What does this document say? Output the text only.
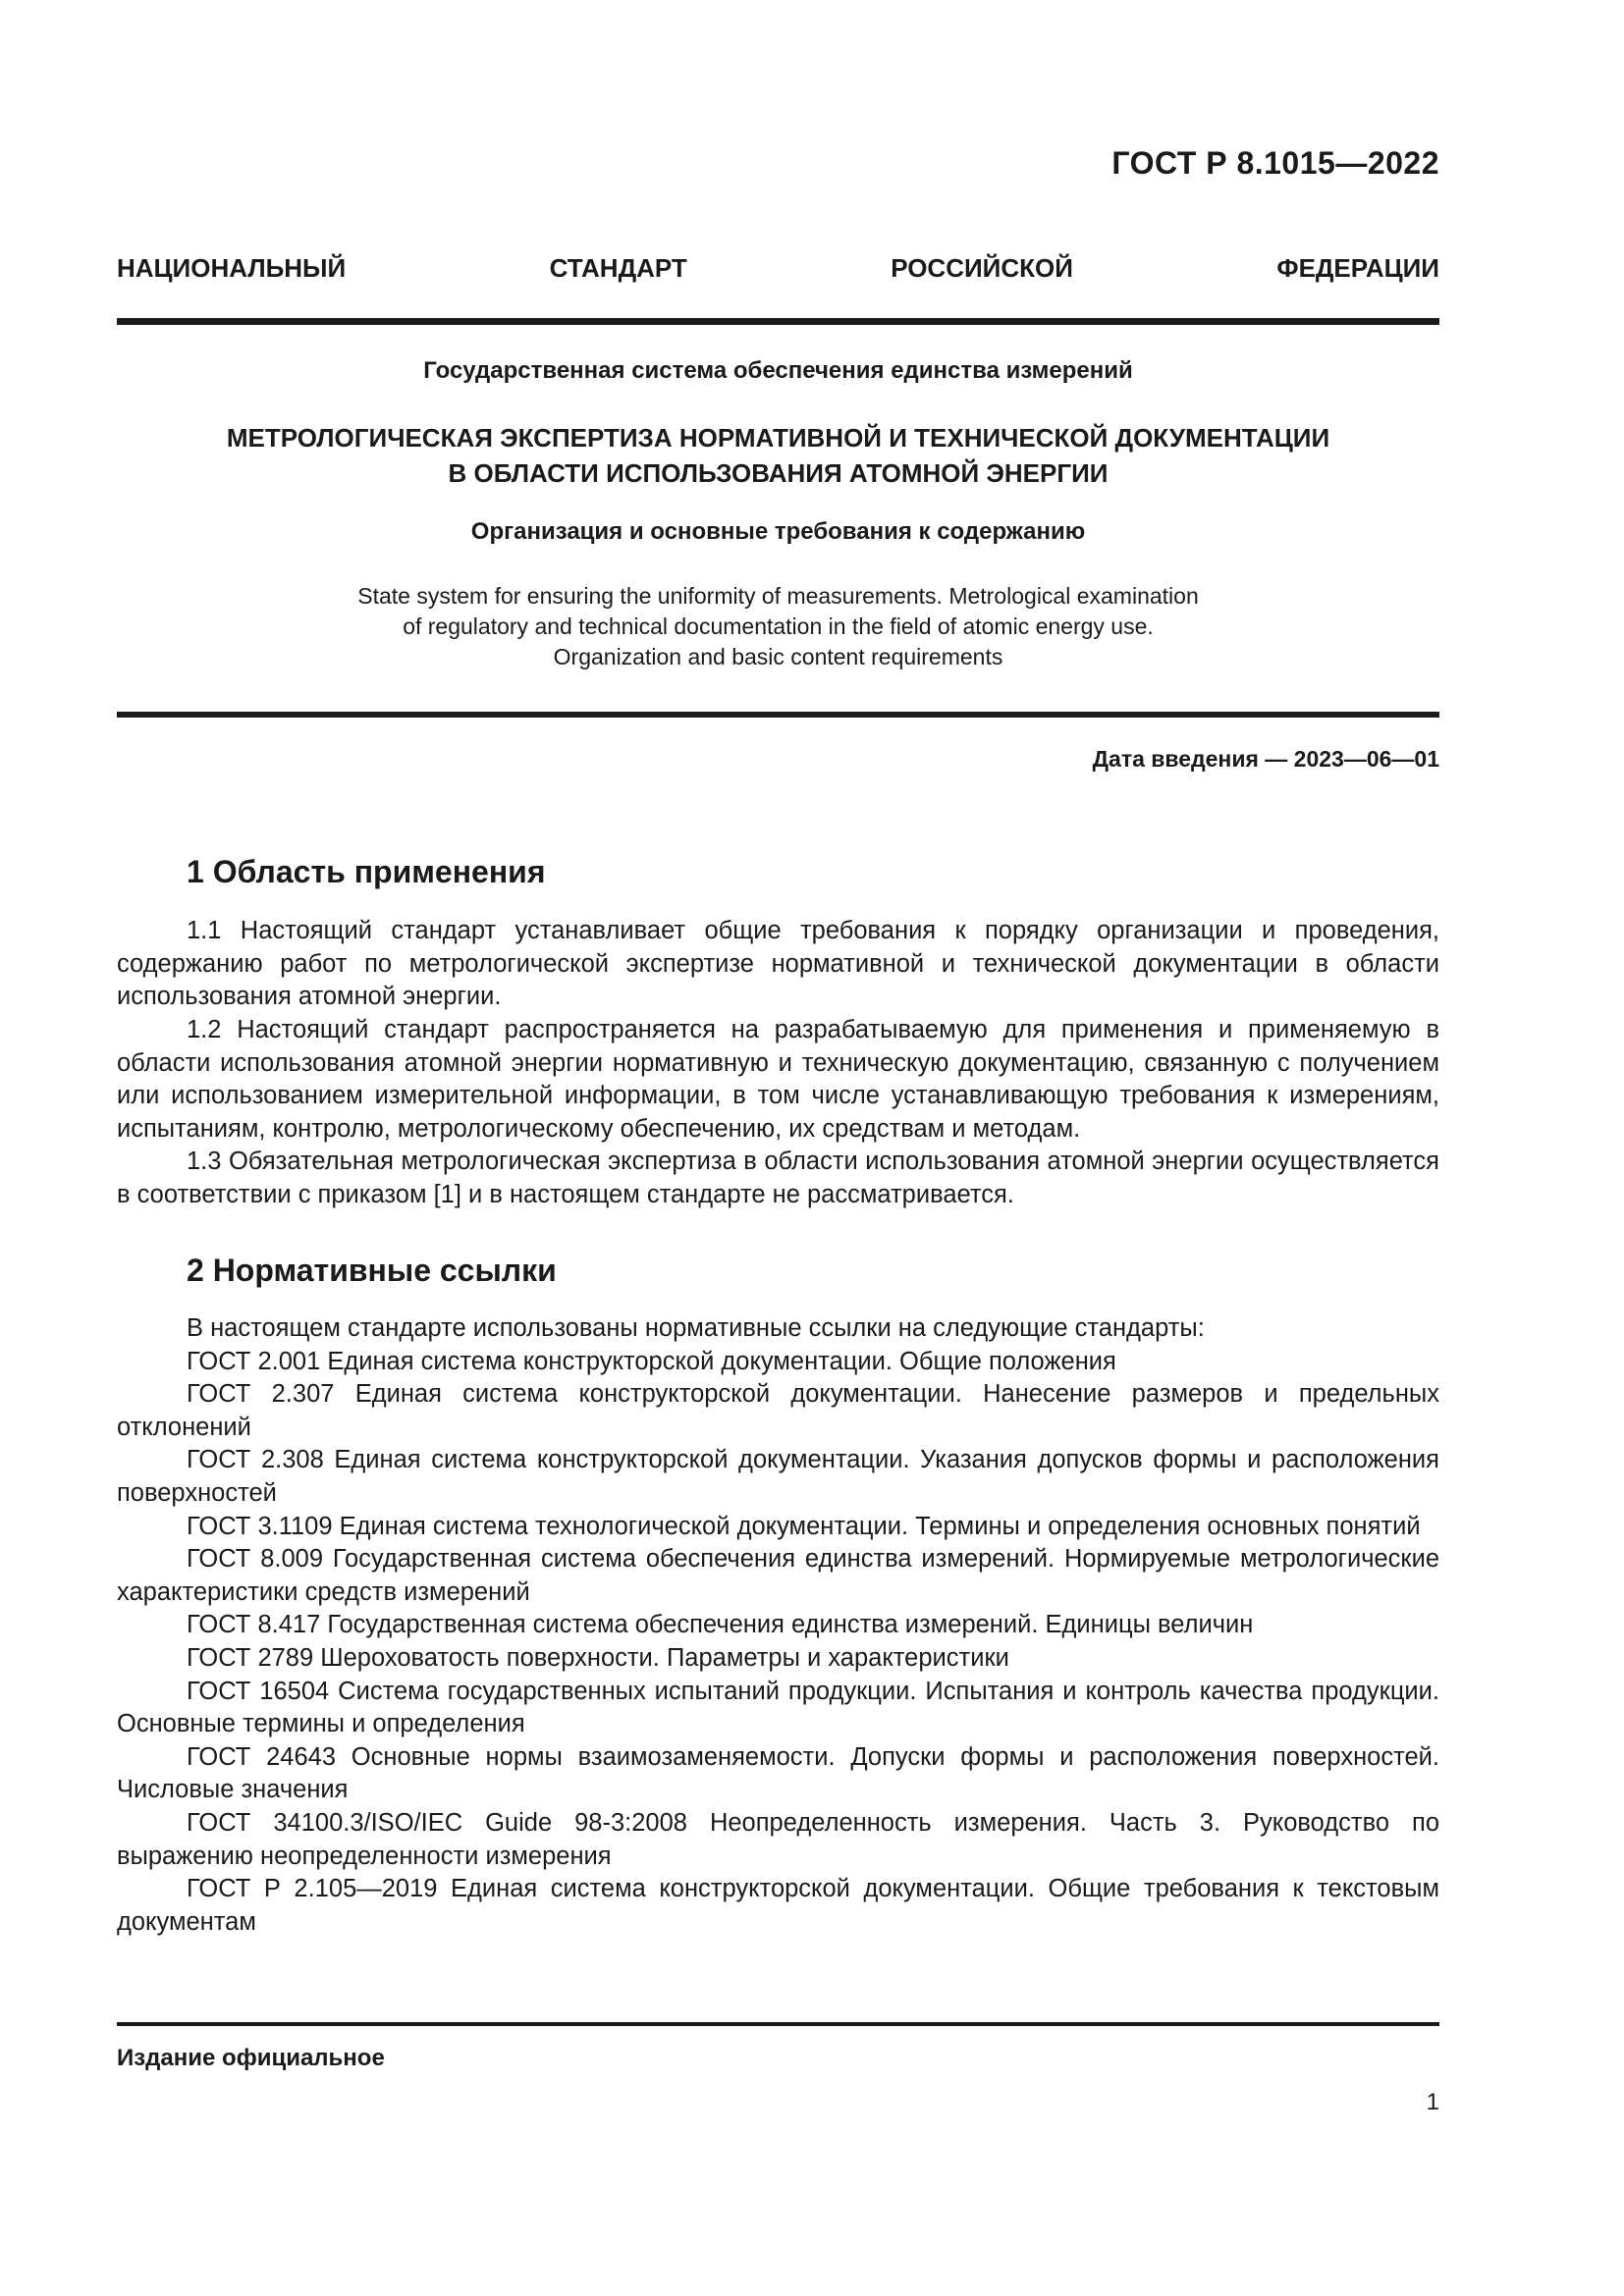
ГОСТ Р 8.1015—2022
НАЦИОНАЛЬНЫЙ	СТАНДАРТ	РОССИЙСКОЙ	ФЕДЕРАЦИИ
Государственная система обеспечения единства измерений
МЕТРОЛОГИЧЕСКАЯ ЭКСПЕРТИЗА НОРМАТИВНОЙ И ТЕХНИЧЕСКОЙ ДОКУМЕНТАЦИИ
В ОБЛАСТИ ИСПОЛЬЗОВАНИЯ АТОМНОЙ ЭНЕРГИИ
Организация и основные требования к содержанию
State system for ensuring the uniformity of measurements. Metrological examination
of regulatory and technical documentation in the field of atomic energy use.
Organization and basic content requirements
Дата введения — 2023—06—01
1 Область применения

1.1 Настоящий стандарт устанавливает общие требования к порядку организации и проведения, содержанию работ по метрологической экспертизе нормативной и технической документации в области использования атомной энергии.

1.2 Настоящий стандарт распространяется на разрабатываемую для применения и применяемую в области использования атомной энергии нормативную и техническую документацию, связанную с получением или использованием измерительной информации, в том числе устанавливающую требования к измерениям, испытаниям, контролю, метрологическому обеспечению, их средствам и методам.

1.3 Обязательная метрологическая экспертиза в области использования атомной энергии осуществляется в соответствии с приказом [1] и в настоящем стандарте не рассматривается.

2 Нормативные ссылки

В настоящем стандарте использованы нормативные ссылки на следующие стандарты:

ГОСТ 2.001 Единая система конструкторской документации. Общие положения

ГОСТ 2.307 Единая система конструкторской документации. Нанесение размеров и предельных отклонений

ГОСТ 2.308 Единая система конструкторской документации. Указания допусков формы и расположения поверхностей

ГОСТ 3.1109 Единая система технологической документации. Термины и определения основных понятий

ГОСТ 8.009 Государственная система обеспечения единства измерений. Нормируемые метрологические характеристики средств измерений

ГОСТ 8.417 Государственная система обеспечения единства измерений. Единицы величин

ГОСТ 2789 Шероховатость поверхности. Параметры и характеристики

ГОСТ 16504 Система государственных испытаний продукции. Испытания и контроль качества продукции. Основные термины и определения

ГОСТ 24643 Основные нормы взаимозаменяемости. Допуски формы и расположения поверхностей. Числовые значения

ГОСТ 34100.3/ISO/IEC Guide 98-3:2008 Неопределенность измерения. Часть 3. Руководство по выражению неопределенности измерения

ГОСТ Р 2.105—2019 Единая система конструкторской документации. Общие требования к текстовым документам

Издание официальное
1
